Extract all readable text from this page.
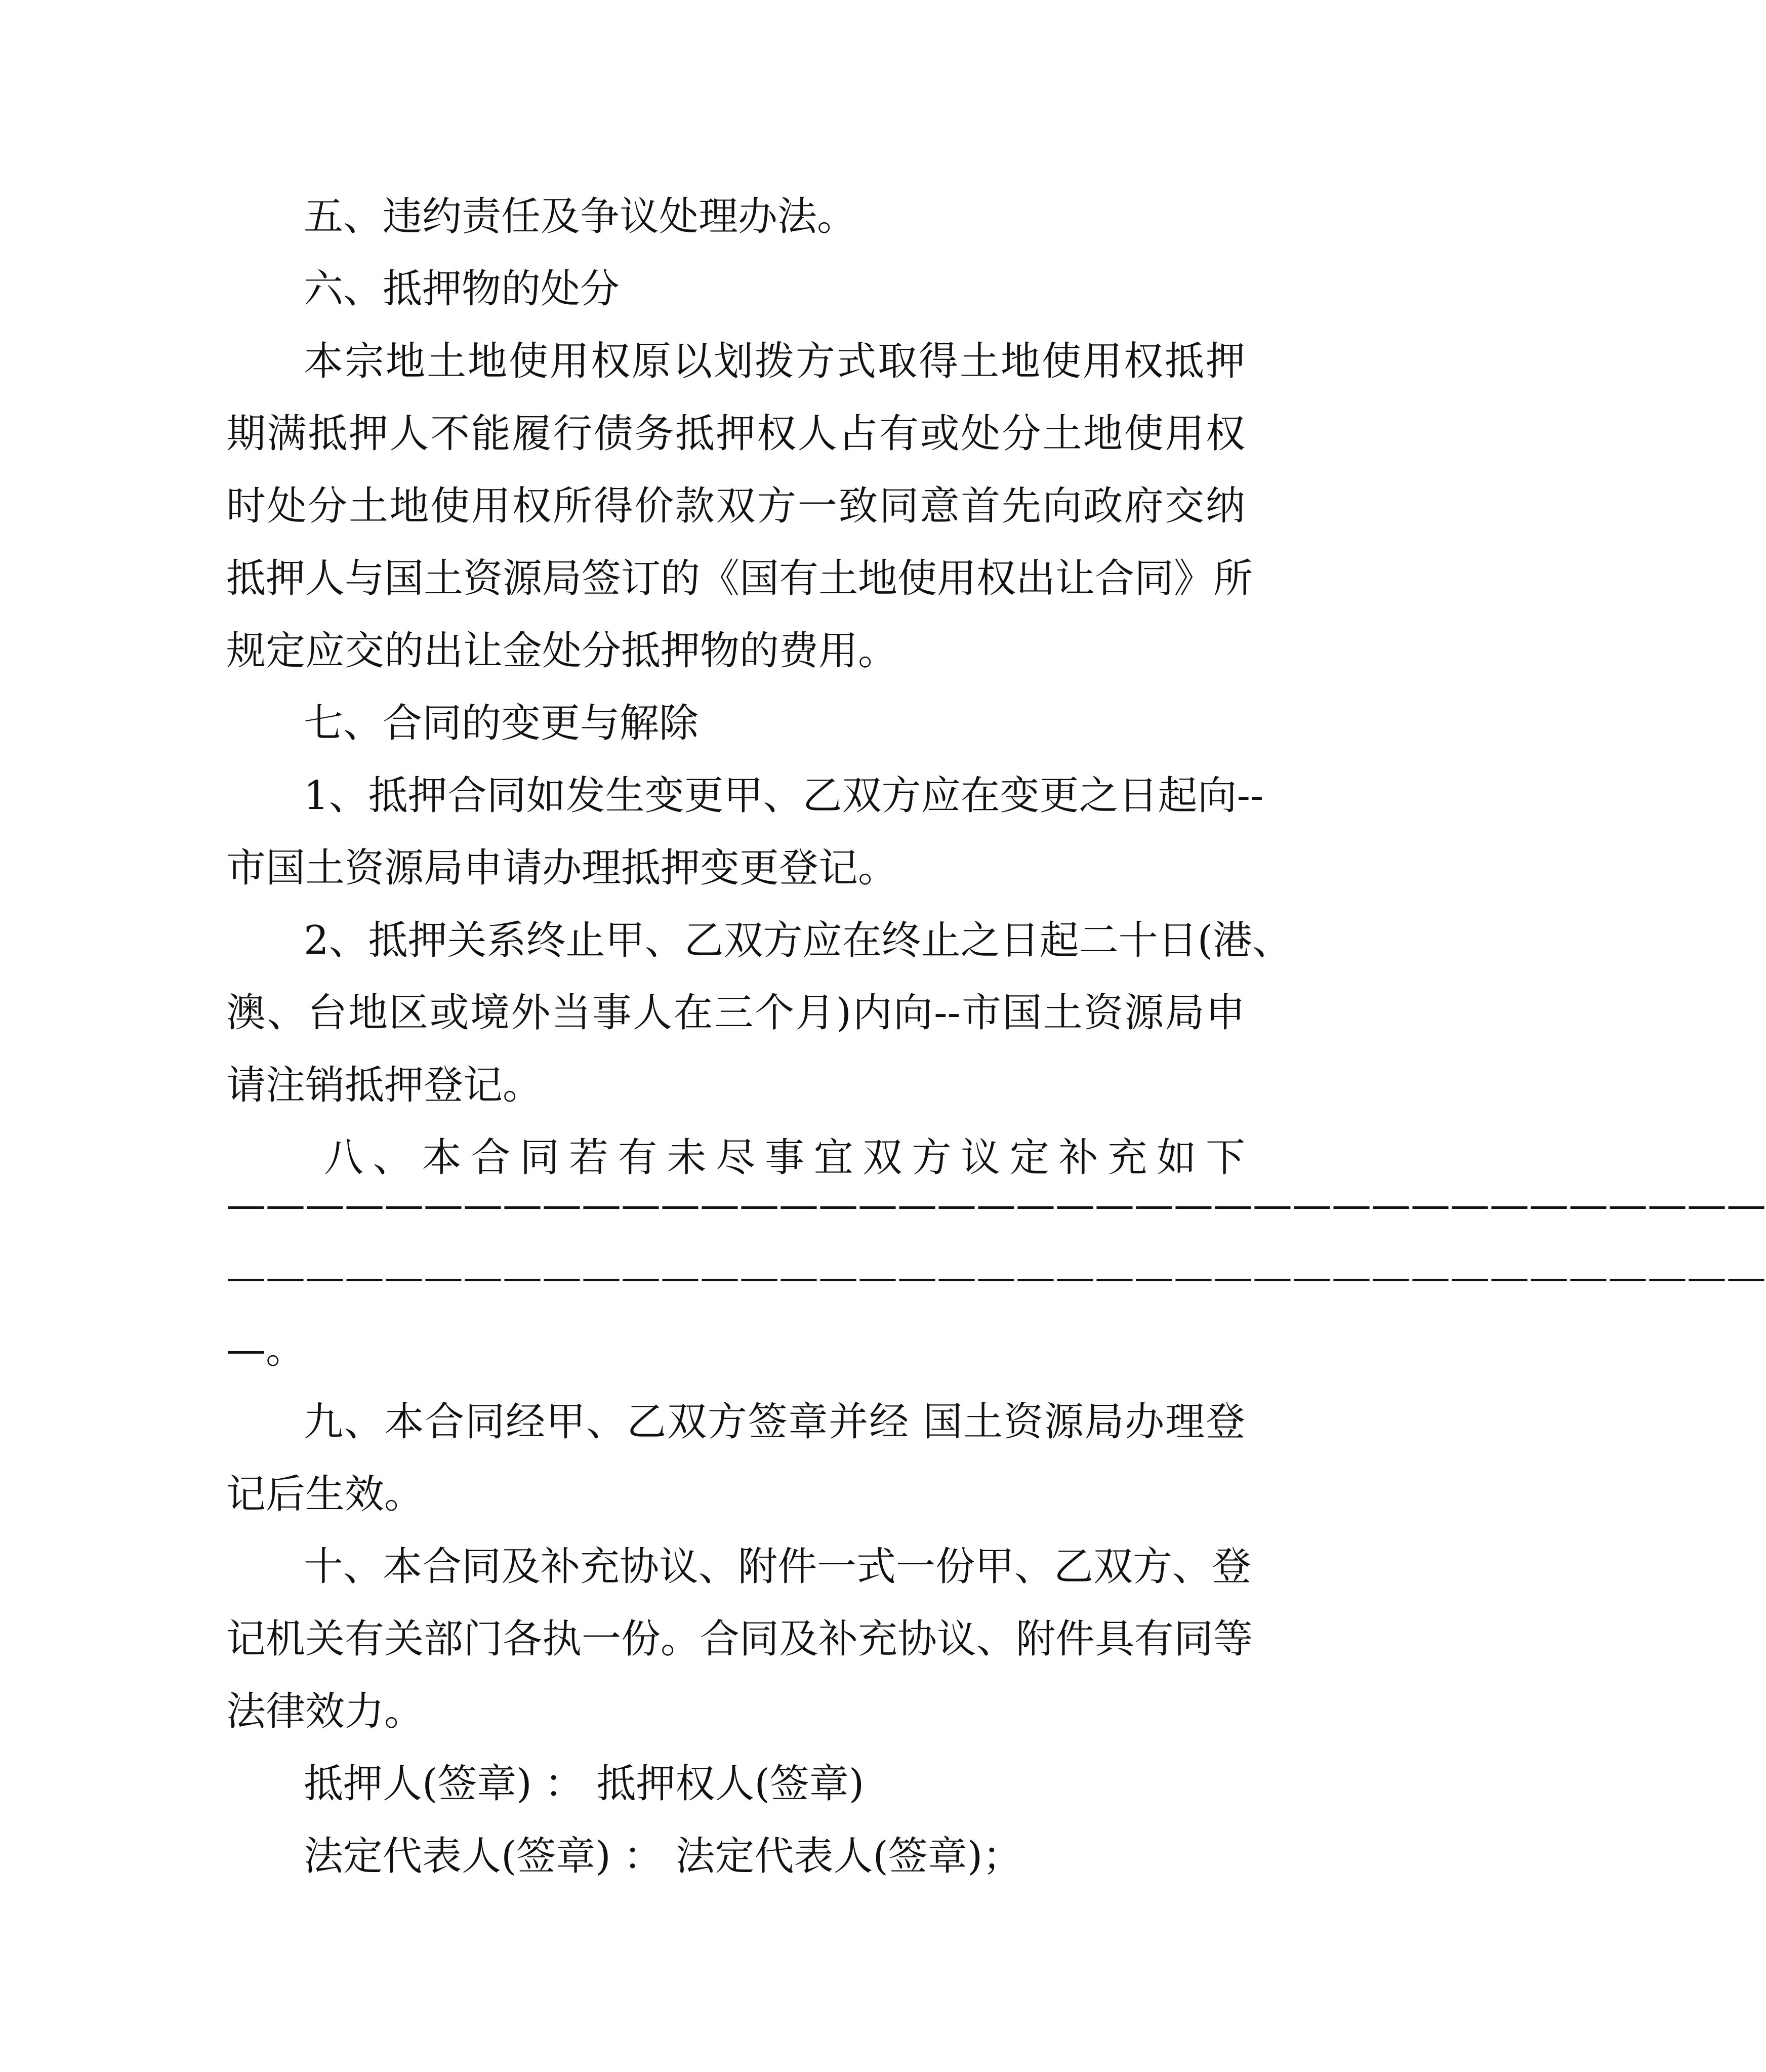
五、违约责任及争议处理办法。
六、抵押物的处分
本宗地土地使用权原以划拨方式取得土地使用权抵押
期满抵押人不能履行债务抵押权人占有或处分土地使用权
时处分土地使用权所得价款双方一致同意首先向政府交纳
抵押人与国土资源局签订的《国有土地使用权出让合同》所
规定应交的出让金处分抵押物的费用。
七、合同的变更与解除
1、抵押合同如发生变更甲、乙双方应在变更之日起向--
市国土资源局申请办理抵押变更登记。
2、抵押关系终止甲、乙双方应在终止之日起二十日(港、
澳、台地区或境外当事人在三个月)内向--市国土资源局申
请注销抵押登记。
八、本合同若有未尽事宜双方议定补充如下
———————————————————————————————————————
———————————————————————————————————————
—。
九、本合同经甲、乙双方签章并经 国土资源局办理登
记后生效。
十、本合同及补充协议、附件一式一份甲、乙双方、登
记机关有关部门各执一份。合同及补充协议、附件具有同等
法律效力。
抵押人(签章) ： 抵押权人(签章)
法定代表人(签章) ： 法定代表人(签章)；
